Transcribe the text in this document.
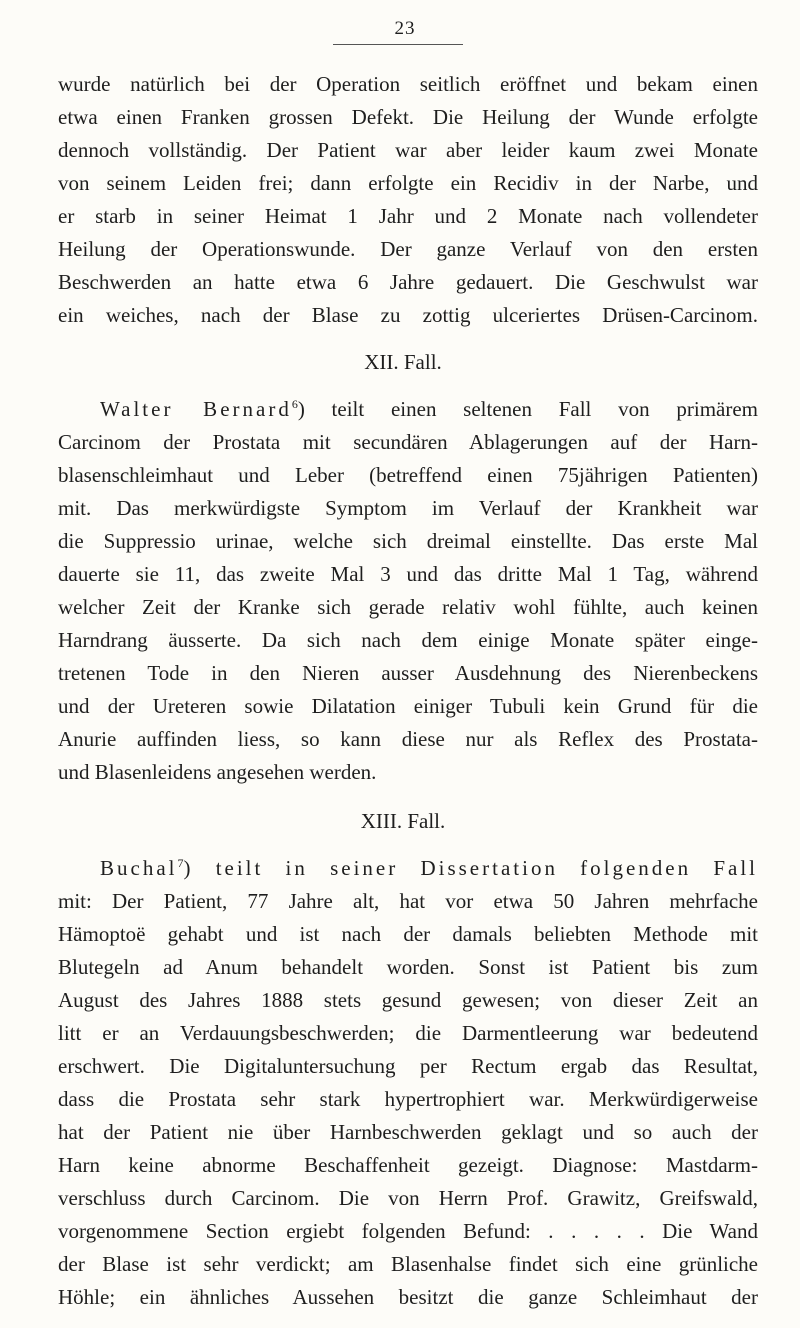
23
wurde natürlich bei der Operation seitlich eröffnet und bekam einen
etwa einen Franken grossen Defekt. Die Heilung der Wunde erfolgte
dennoch vollständig. Der Patient war aber leider kaum zwei Monate
von seinem Leiden frei; dann erfolgte ein Recidiv in der Narbe, und
er starb in seiner Heimat 1 Jahr und 2 Monate nach vollendeter
Heilung der Operationswunde. Der ganze Verlauf von den ersten
Beschwerden an hatte etwa 6 Jahre gedauert. Die Geschwulst war
ein weiches, nach der Blase zu zottig ulceriertes Drüsen-Carcinom.
XII. Fall.
Walter Bernard$^6$) teilt einen seltenen Fall von primärem
Carcinom der Prostata mit secundären Ablagerungen auf der Harn-
blasenschleimhaut und Leber (betreffend einen 75jährigen Patienten)
mit. Das merkwürdigste Symptom im Verlauf der Krankheit war
die Suppressio urinae, welche sich dreimal einstellte. Das erste Mal
dauerte sie 11, das zweite Mal 3 und das dritte Mal 1 Tag, während
welcher Zeit der Kranke sich gerade relativ wohl fühlte, auch keinen
Harndrang äusserte. Da sich nach dem einige Monate später einge-
tretenen Tode in den Nieren ausser Ausdehnung des Nierenbeckens
und der Ureteren sowie Dilatation einiger Tubuli kein Grund für die
Anurie auffinden liess, so kann diese nur als Reflex des Prostata-
und Blasenleidens angesehen werden.
XIII. Fall.
Buchal$^7$) teilt in seiner Dissertation folgenden Fall
mit: Der Patient, 77 Jahre alt, hat vor etwa 50 Jahren mehrfache
Hämoptoë gehabt und ist nach der damals beliebten Methode mit
Blutegeln ad Anum behandelt worden. Sonst ist Patient bis zum
August des Jahres 1888 stets gesund gewesen; von dieser Zeit an
litt er an Verdauungsbeschwerden; die Darmentleerung war bedeutend
erschwert. Die Digitaluntersuchung per Rectum ergab das Resultat,
dass die Prostata sehr stark hypertrophiert war. Merkwürdigerweise
hat der Patient nie über Harnbeschwerden geklagt und so auch der
Harn keine abnorme Beschaffenheit gezeigt. Diagnose: Mastdarm-
verschluss durch Carcinom. Die von Herrn Prof. Grawitz, Greifswald,
vorgenommene Section ergiebt folgenden Befund: . . . . . Die Wand
der Blase ist sehr verdickt; am Blasenhalse findet sich eine grünliche
Höhle; ein ähnliches Aussehen besitzt die ganze Schleimhaut der
